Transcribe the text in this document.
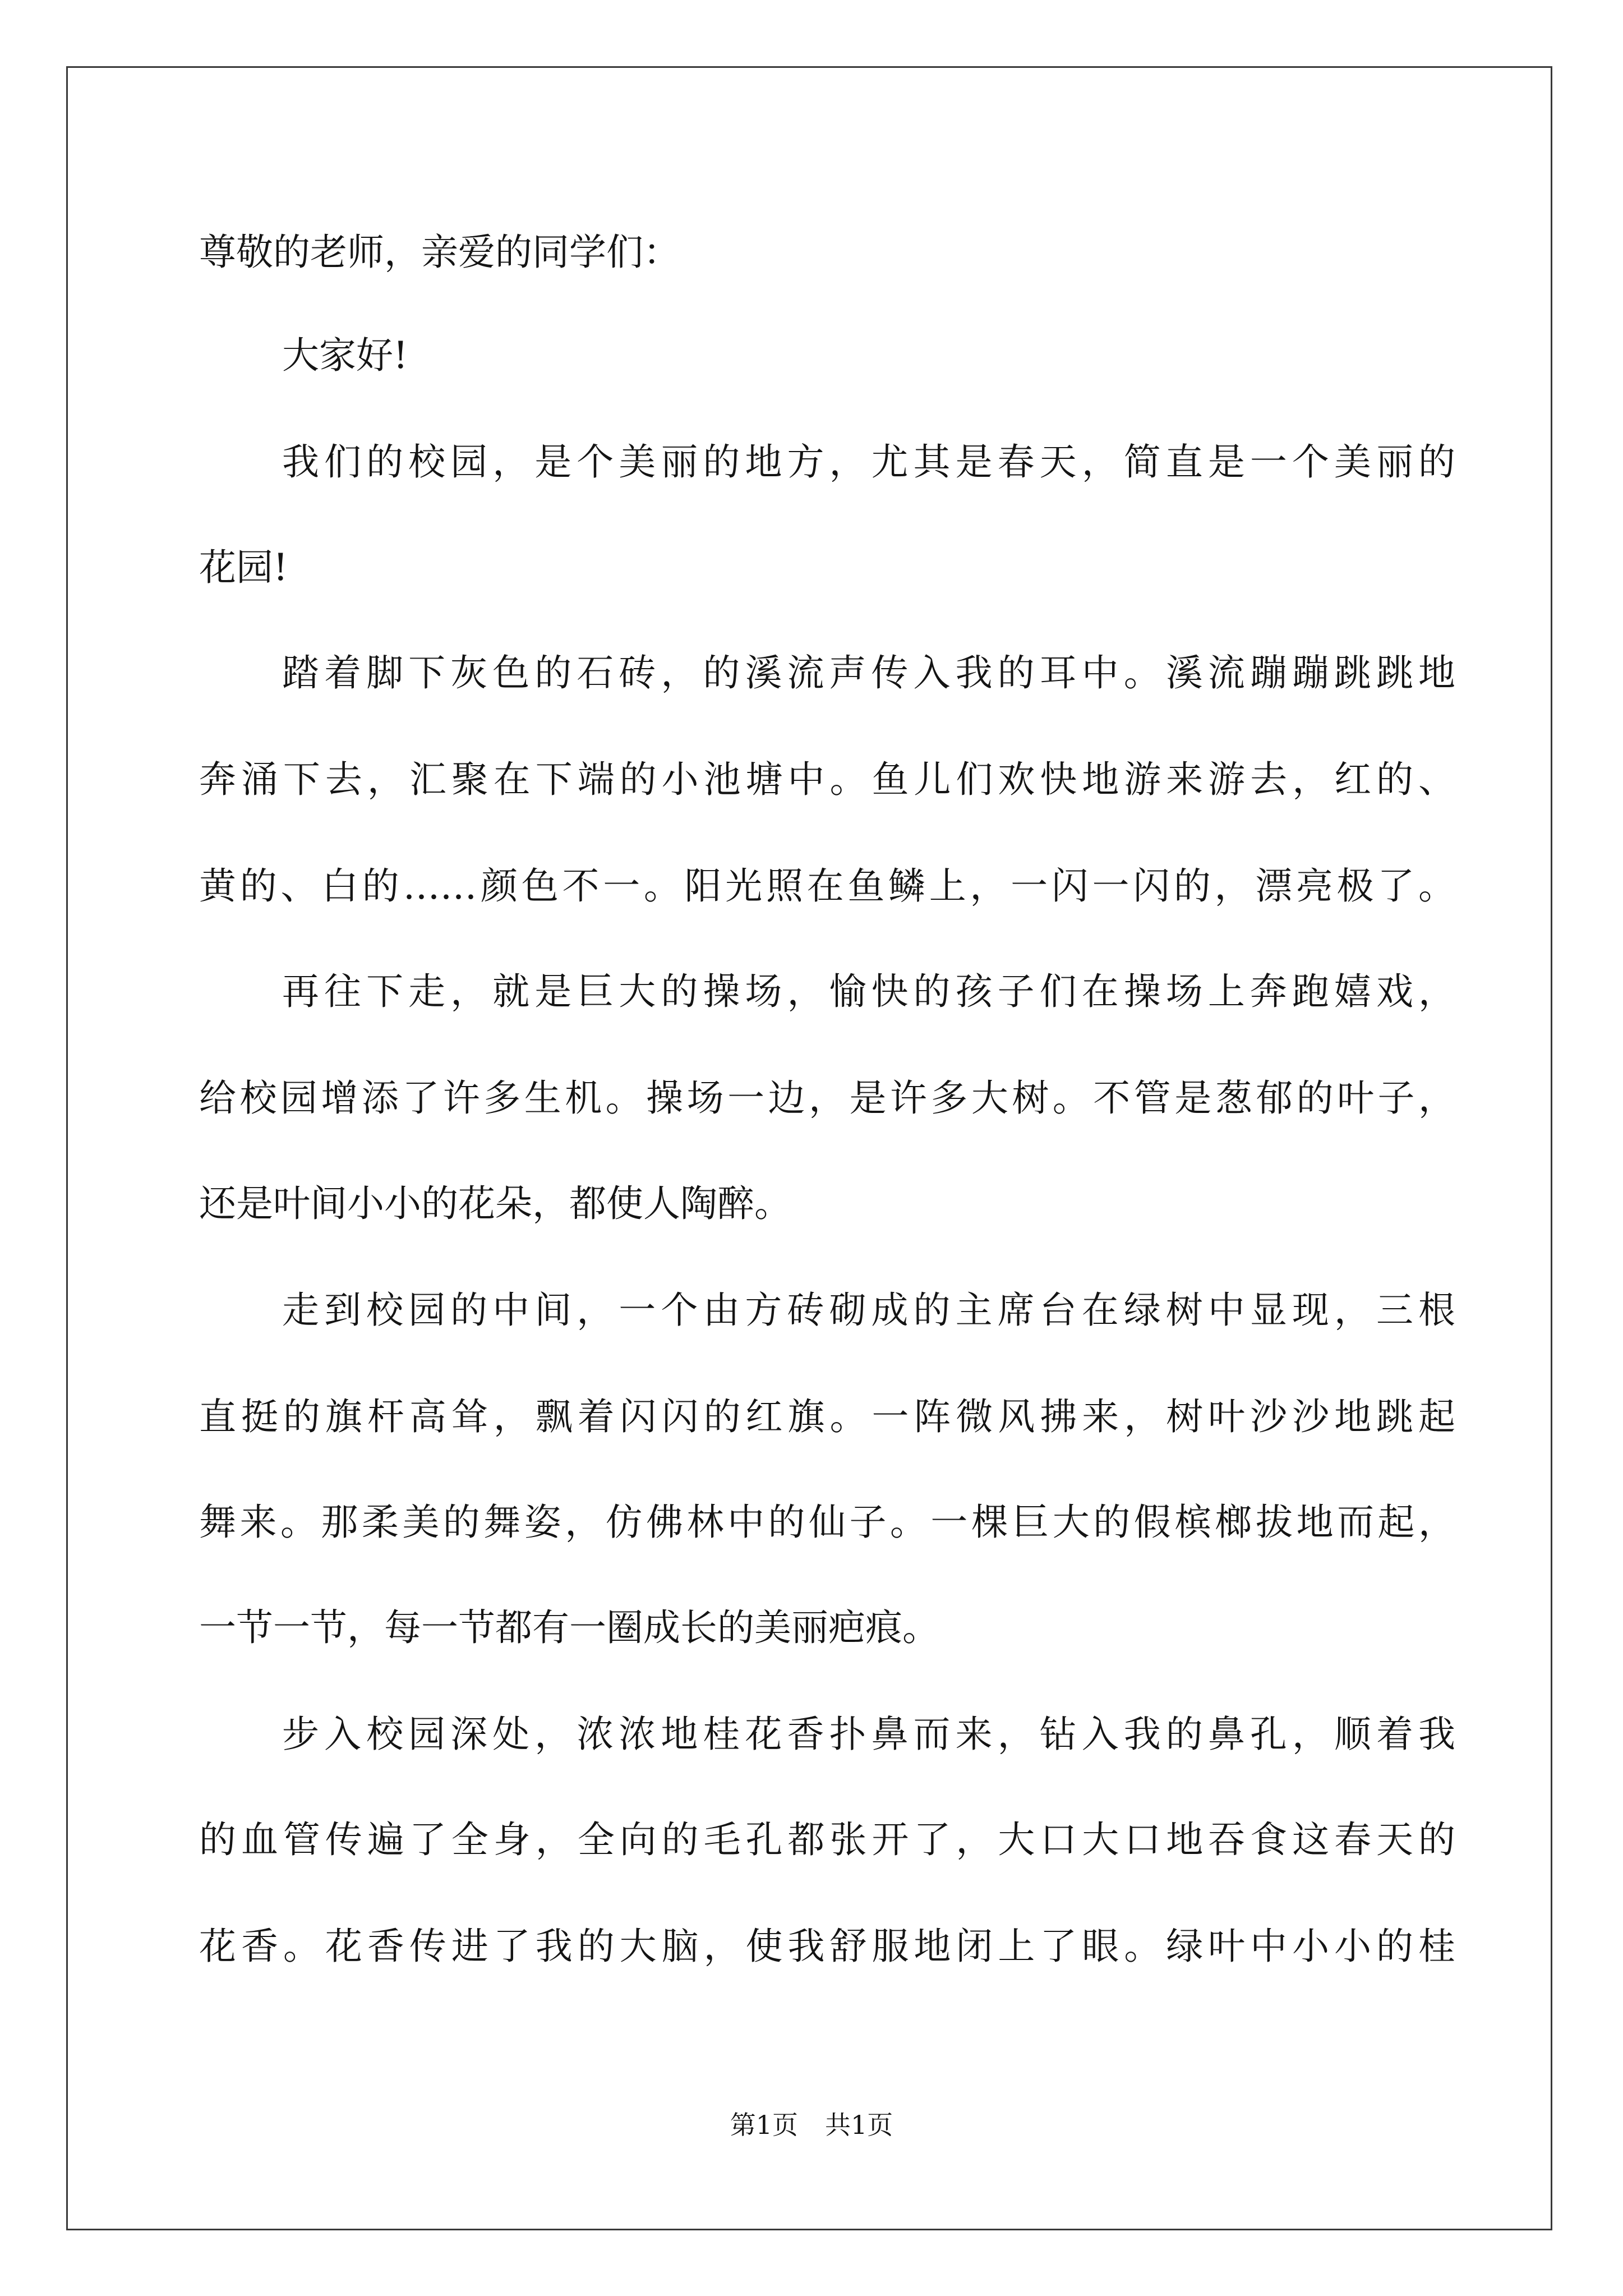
尊敬的老师，亲爱的同学们：
大家好!
我们的校园，是个美丽的地方，尤其是春天，简直是一个美丽的
花园!
踏着脚下灰色的石砖，的溪流声传入我的耳中。溪流蹦蹦跳跳地
奔涌下去，汇聚在下端的小池塘中。鱼儿们欢快地游来游去，红的、
黄的、白的……颜色不一。阳光照在鱼鳞上，一闪一闪的，漂亮极了。
再往下走，就是巨大的操场，愉快的孩子们在操场上奔跑嬉戏，
给校园增添了许多生机。操场一边，是许多大树。不管是葱郁的叶子，
还是叶间小小的花朵，都使人陶醉。
走到校园的中间，一个由方砖砌成的主席台在绿树中显现，三根
直挺的旗杆高耸，飘着闪闪的红旗。一阵微风拂来，树叶沙沙地跳起
舞来。那柔美的舞姿，仿佛林中的仙子。一棵巨大的假槟榔拔地而起，
一节一节，每一节都有一圈成长的美丽疤痕。
步入校园深处，浓浓地桂花香扑鼻而来，钻入我的鼻孔，顺着我
的血管传遍了全身，全向的毛孔都张开了，大口大口地吞食这春天的
花香。花香传进了我的大脑，使我舒服地闭上了眼。绿叶中小小的桂
第1页 共1页
